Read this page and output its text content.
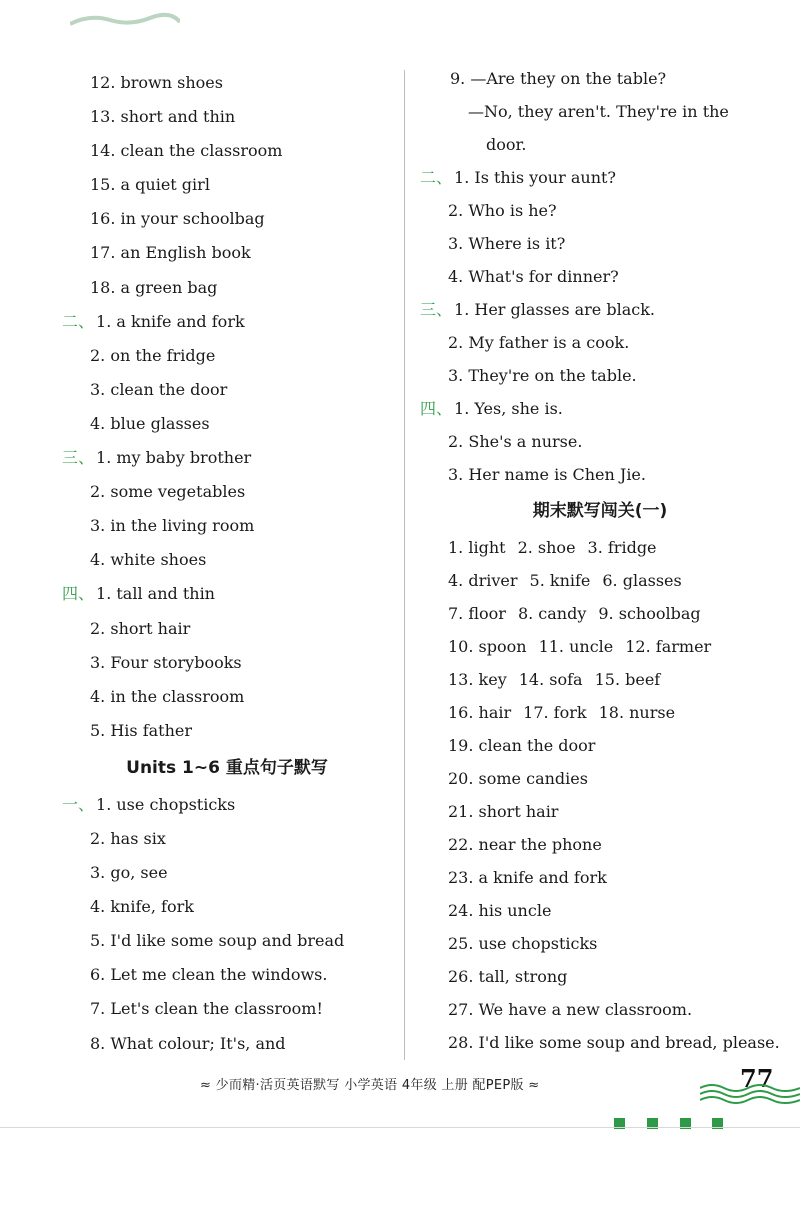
12. brown shoes
13. short and thin
14. clean the classroom
15. a quiet girl
16. in your schoolbag
17. an English book
18. a green bag
二、 1. a knife and fork
2. on the fridge
3. clean the door
4. blue glasses
三、 1. my baby brother
2. some vegetables
3. in the living room
4. white shoes
四、 1. tall and thin
2. short hair
3. Four storybooks
4. in the classroom
5. His father
Units 1~6 重点句子默写
一、 1. use chopsticks
2. has six
3. go, see
4. knife, fork
5. I'd like some soup and bread
6. Let me clean the windows.
7. Let's clean the classroom!
8. What colour; It's, and
9. —Are they on the table?
—No, they aren't. They're in the
door.
二、 1. Is this your aunt?
2. Who is he?
3. Where is it?
4. What's for dinner?
三、 1. Her glasses are black.
2. My father is a cook.
3. They're on the table.
四、 1. Yes, she is.
2. She's a nurse.
3. Her name is Chen Jie.
期末默写闯关(一)
1. light 2. shoe 3. fridge
4. driver 5. knife 6. glasses
7. floor 8. candy 9. schoolbag
10. spoon 11. uncle 12. farmer
13. key 14. sofa 15. beef
16. hair 17. fork 18. nurse
19. clean the door
20. some candies
21. short hair
22. near the phone
23. a knife and fork
24. his uncle
25. use chopsticks
26. tall, strong
27. We have a new classroom.
28. I'd like some soup and bread, please.
≈ 少而精·活页英语默写 小学英语 4年级 上册 配PEP版 ≈	77
